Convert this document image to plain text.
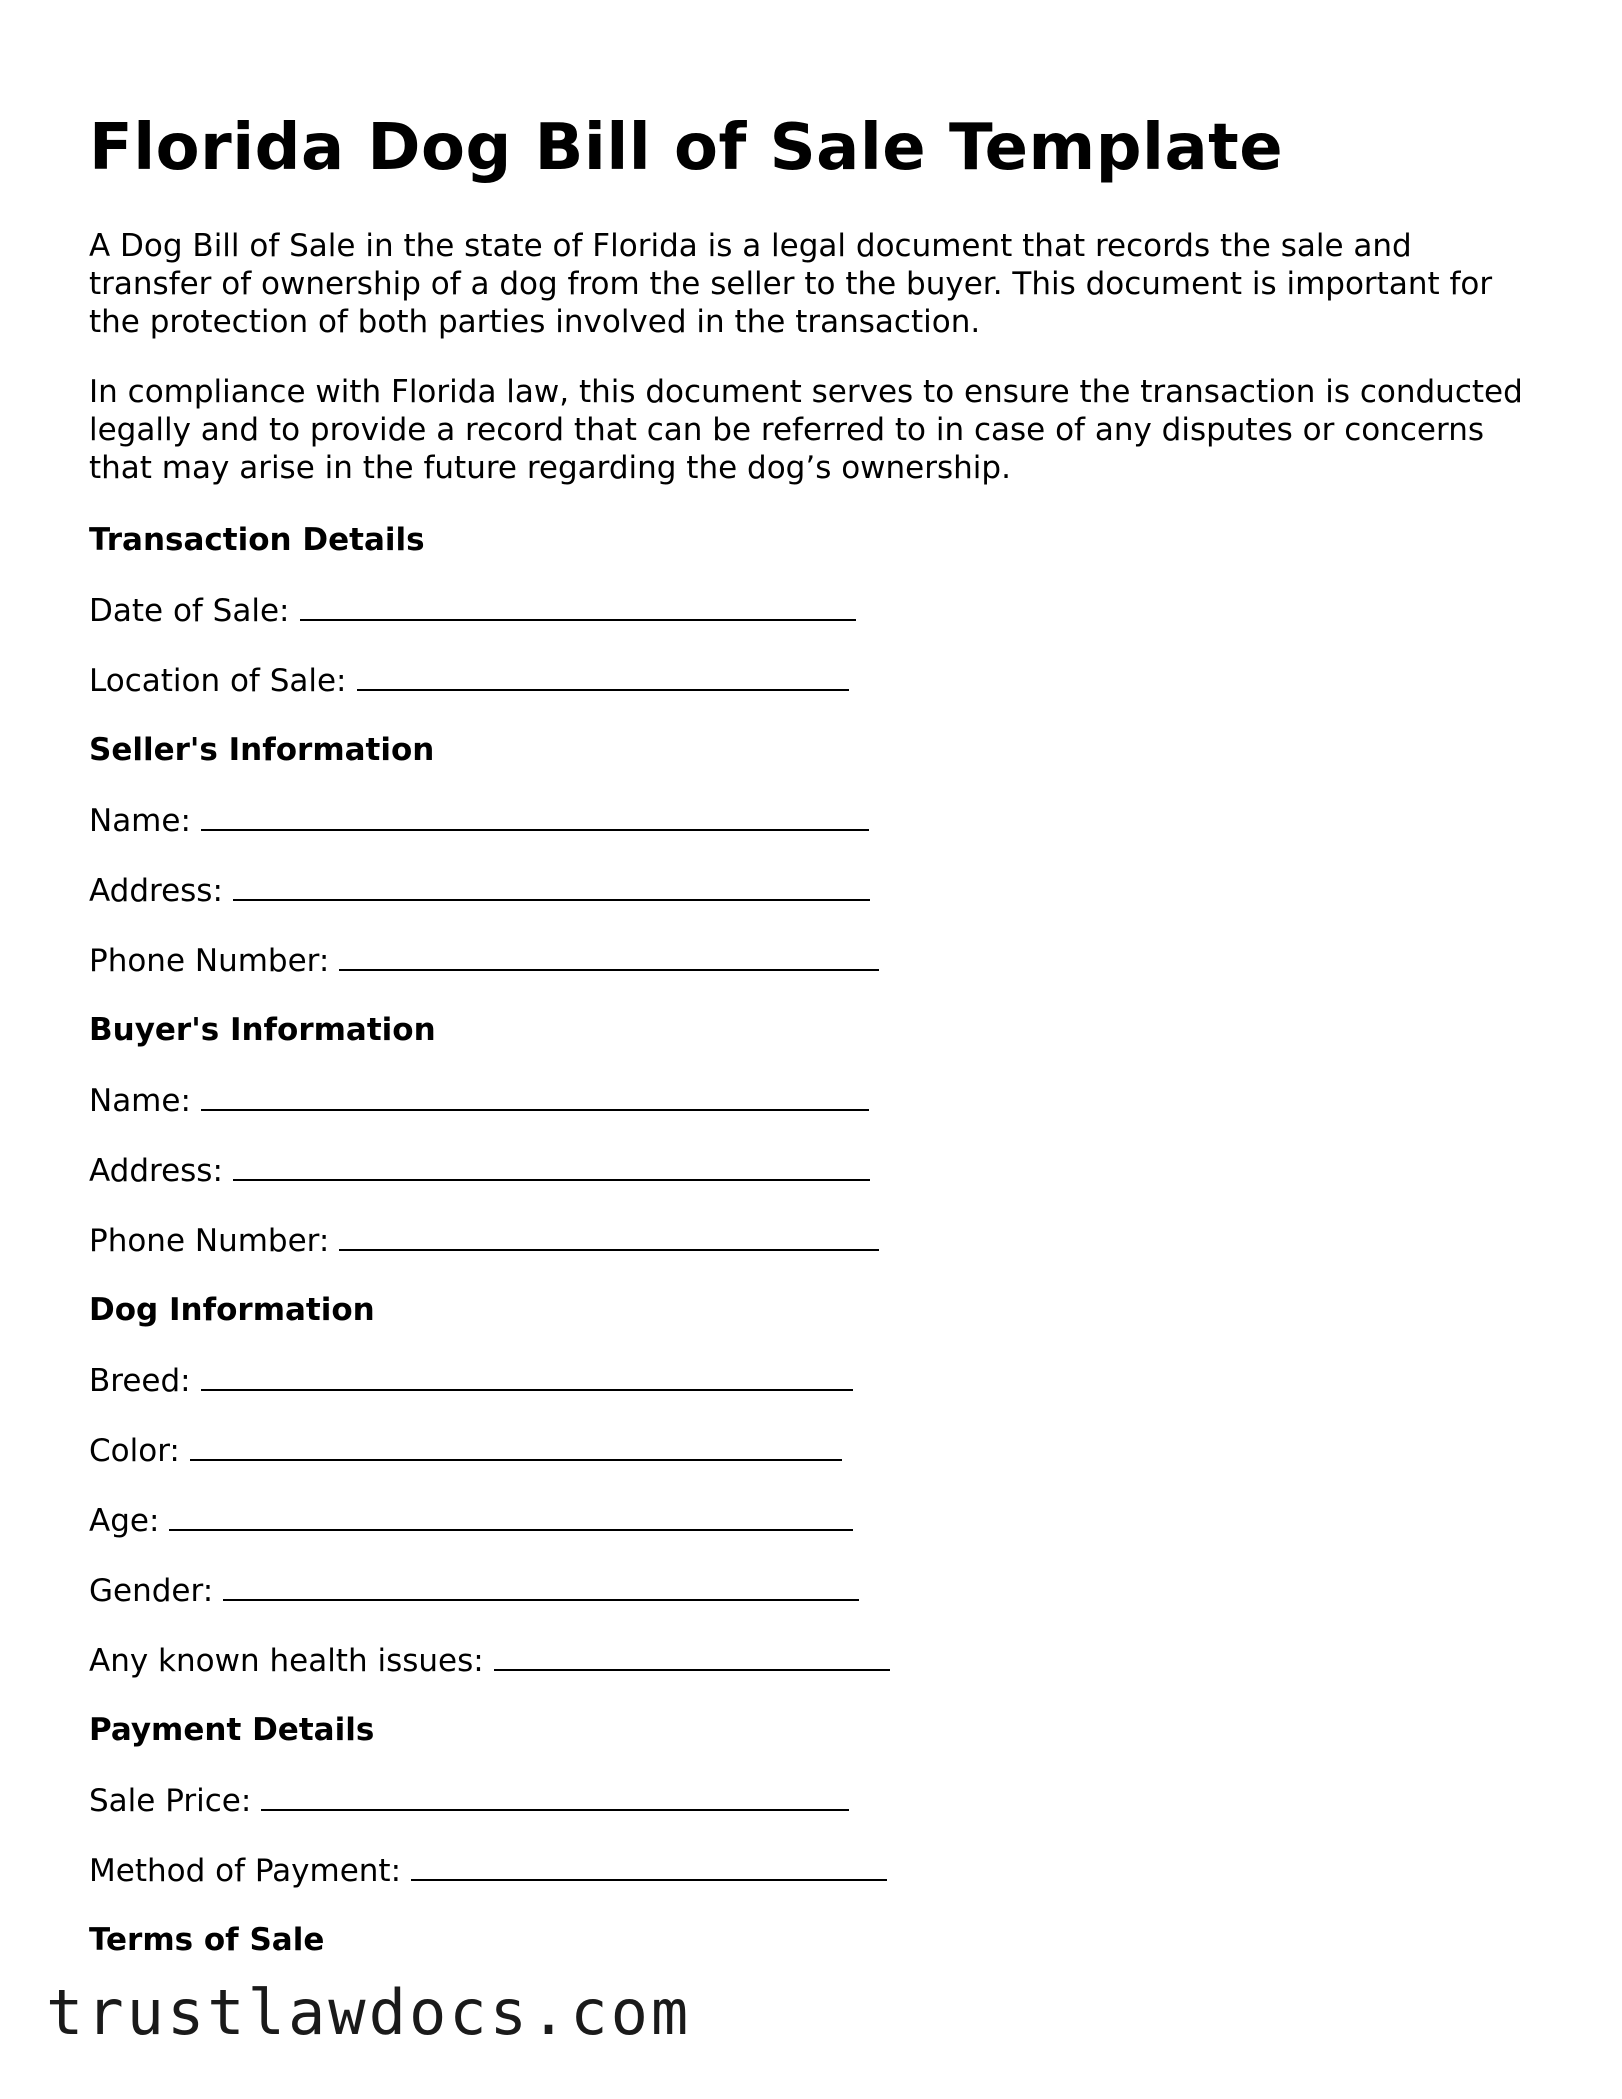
Florida Dog Bill of Sale Template

A Dog Bill of Sale in the state of Florida is a legal document that records the sale and transfer of ownership of a dog from the seller to the buyer. This document is important for the protection of both parties involved in the transaction.

In compliance with Florida law, this document serves to ensure the transaction is conducted legally and to provide a record that can be referred to in case of any disputes or concerns that may arise in the future regarding the dog’s ownership.

Transaction Details
Date of Sale:
Location of Sale:
Seller's Information
Name:
Address:
Phone Number:
Buyer's Information
Name:
Address:
Phone Number:
Dog Information
Breed:
Color:
Age:
Gender:
Any known health issues:
Payment Details
Sale Price:
Method of Payment:
Terms of Sale
trustlawdocs.com
